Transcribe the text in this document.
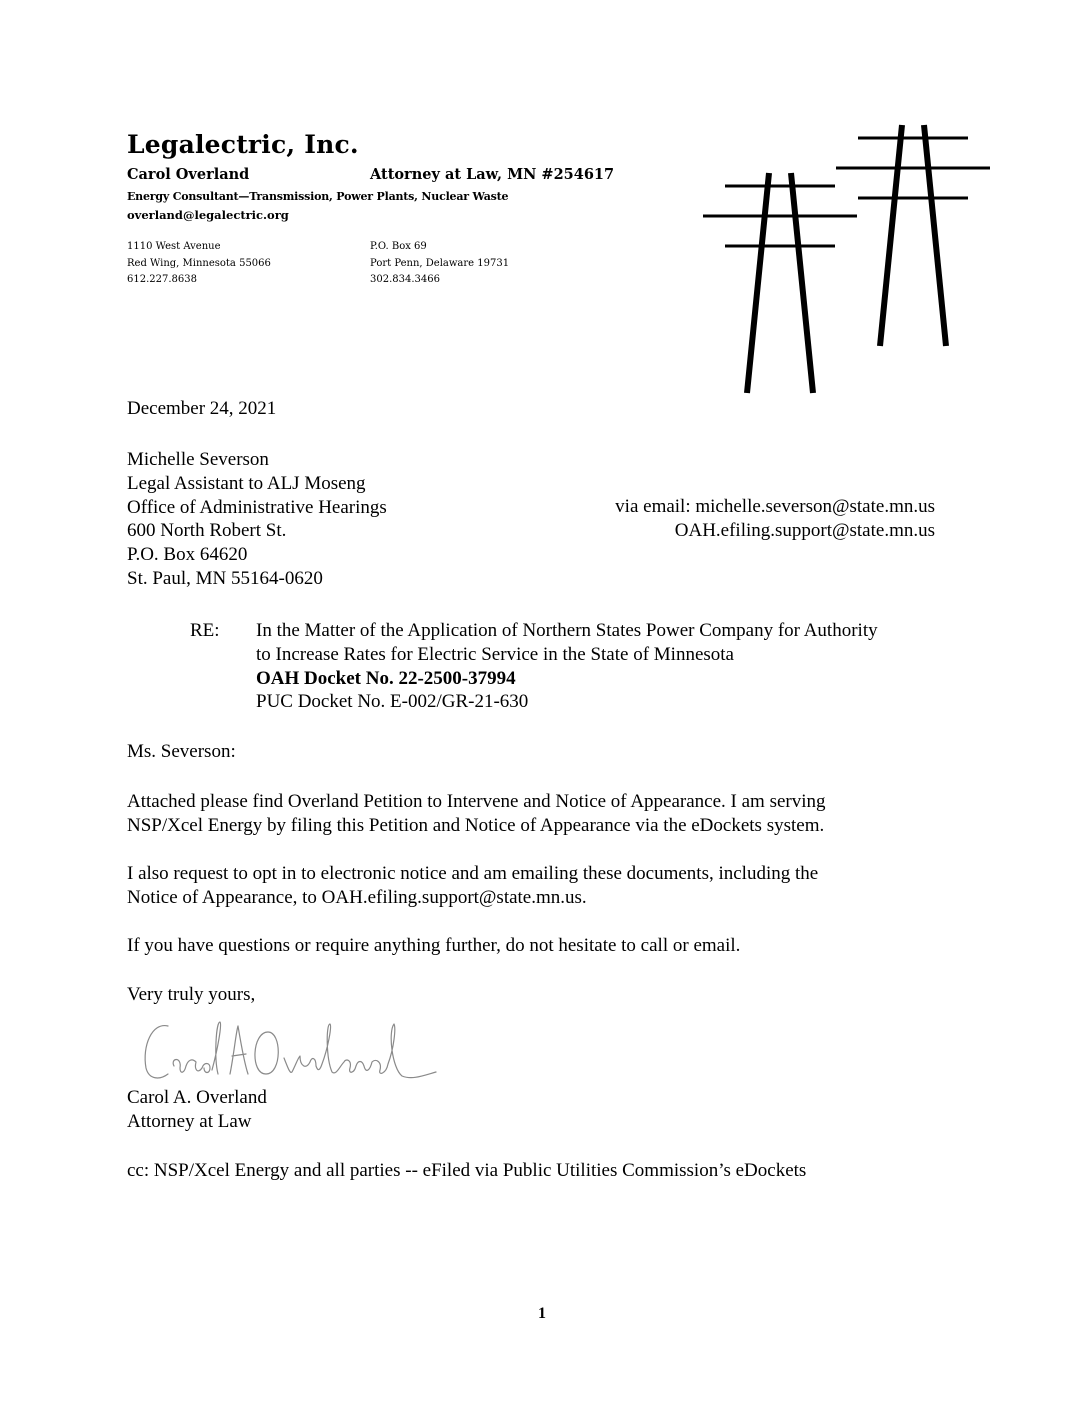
Legalectric, Inc.
Carol Overland	Attorney at Law, MN #254617
Energy Consultant—Transmission, Power Plants, Nuclear Waste
overland@legalectric.org
1110 West Avenue
Red Wing, Minnesota 55066
612.227.8638
P.O. Box 69
Port Penn, Delaware 19731
302.834.3466
December 24, 2021
Michelle Severson
Legal Assistant to ALJ Moseng
Office of Administrative Hearings
600 North Robert St.
P.O. Box 64620
St. Paul, MN 55164-0620
via email: michelle.severson@state.mn.us
OAH.efiling.support@state.mn.us
RE: In the Matter of the Application of Northern States Power Company for Authority
to Increase Rates for Electric Service in the State of Minnesota
OAH Docket No. 22-2500-37994
PUC Docket No. E-002/GR-21-630
Ms. Severson:
Attached please find Overland Petition to Intervene and Notice of Appearance. I am serving
NSP/Xcel Energy by filing this Petition and Notice of Appearance via the eDockets system.
I also request to opt in to electronic notice and am emailing these documents, including the
Notice of Appearance, to OAH.efiling.support@state.mn.us.
If you have questions or require anything further, do not hesitate to call or email.
Very truly yours,
Carol A. Overland
Attorney at Law
cc: NSP/Xcel Energy and all parties -- eFiled via Public Utilities Commission’s eDockets
1
